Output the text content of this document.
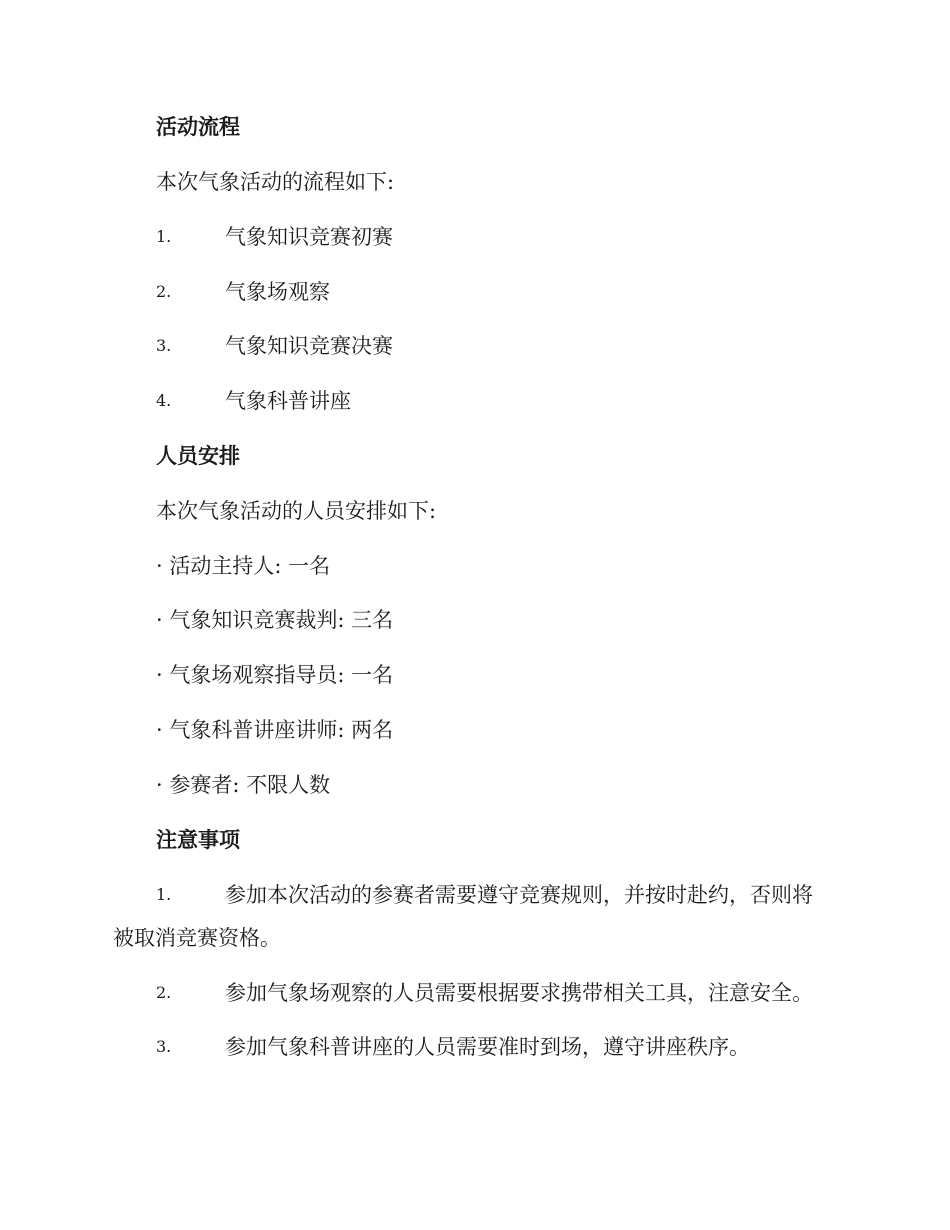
活动流程
本次气象活动的流程如下:
1.	气象知识竞赛初赛
2.	气象场观察
3.	气象知识竞赛决赛
4.	气象科普讲座
人员安排
本次气象活动的人员安排如下:
· 活动主持人: 一名
· 气象知识竞赛裁判: 三名
· 气象场观察指导员: 一名
· 气象科普讲座讲师: 两名
· 参赛者: 不限人数
注意事项
1.	参加本次活动的参赛者需要遵守竞赛规则，并按时赴约，否则将
被取消竞赛资格。
2.	参加气象场观察的人员需要根据要求携带相关工具，注意安全。
3.	参加气象科普讲座的人员需要准时到场，遵守讲座秩序。
